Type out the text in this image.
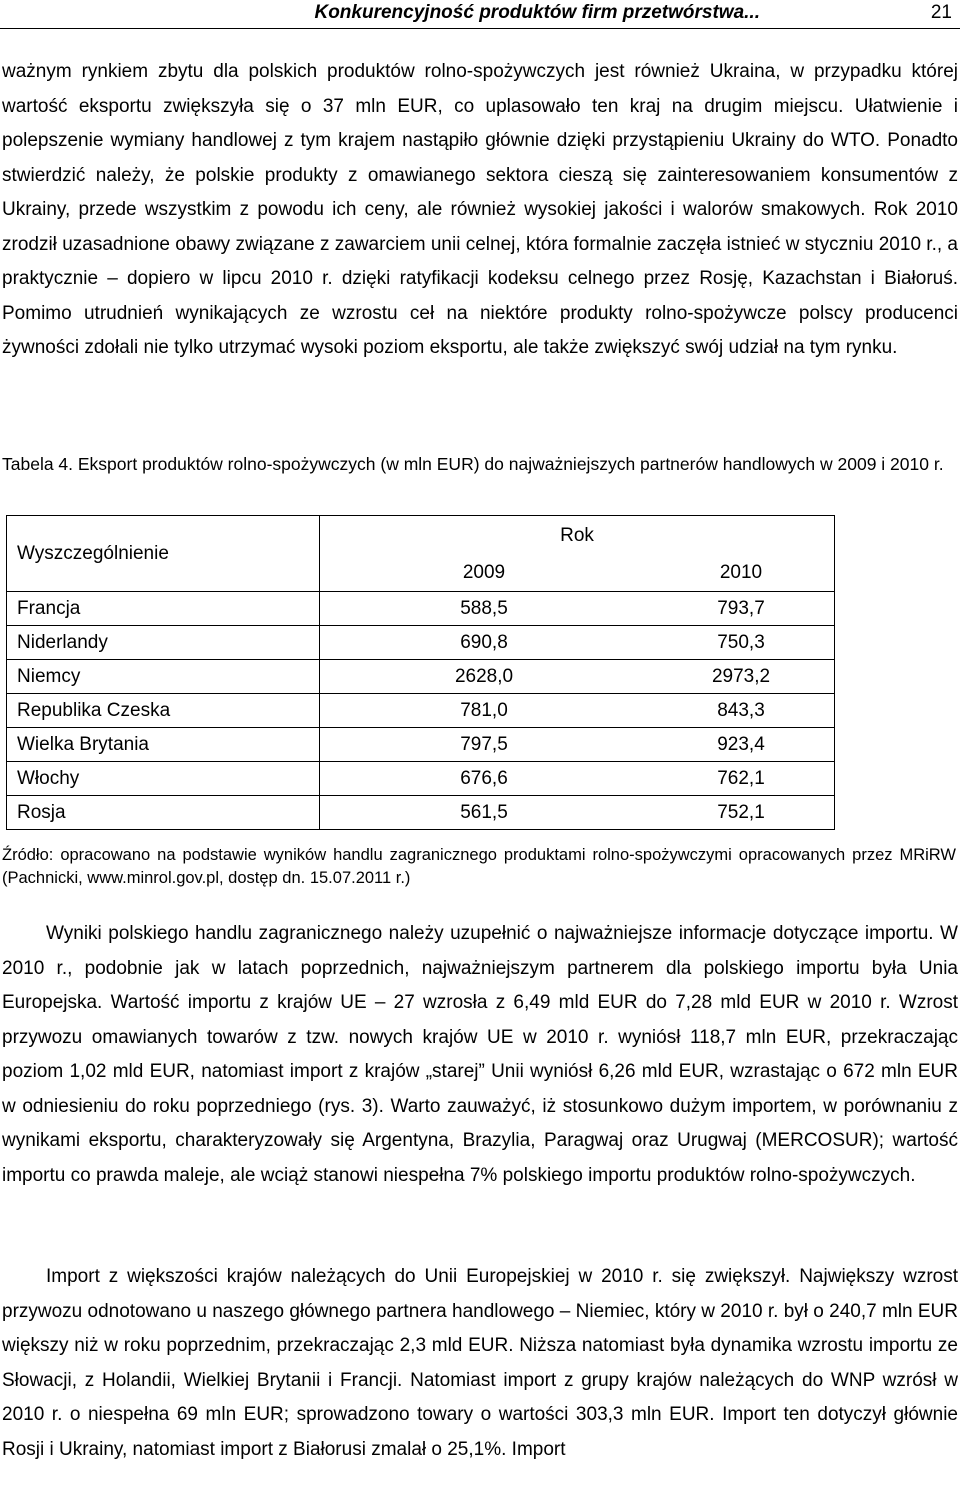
Konkurencyjność produktów firm przetwórstwa...	21

ważnym rynkiem zbytu dla polskich produktów rolno-spożywczych jest również Ukraina, w przypadku której wartość eksportu zwiększyła się o 37 mln EUR, co uplasowało ten kraj na drugim miejscu. Ułatwienie i polepszenie wymiany handlowej z tym krajem nastąpiło głównie dzięki przystąpieniu Ukrainy do WTO. Ponadto stwierdzić należy, że polskie produkty z omawianego sektora cieszą się zainteresowaniem konsumentów z Ukrainy, przede wszystkim z powodu ich ceny, ale również wysokiej jakości i walorów smakowych. Rok 2010 zrodził uzasadnione obawy związane z zawarciem unii celnej, która formalnie zaczęła istnieć w styczniu 2010 r., a praktycznie – dopiero w lipcu 2010 r. dzięki ratyfikacji kodeksu celnego przez Rosję, Kazachstan i Białoruś. Pomimo utrudnień wynikających ze wzrostu ceł na niektóre produkty rolno-spożywcze polscy producenci żywności zdołali nie tylko utrzymać wysoki poziom eksportu, ale także zwiększyć swój udział na tym rynku.

Tabela 4. Eksport produktów rolno-spożywczych (w mln EUR) do najważniejszych partnerów handlowych w 2009 i 2010 r.
Wyszczególnienie	Rok	
	2009	2010
Francja	588,5	793,7
Niderlandy	690,8	750,3
Niemcy	2628,0	2973,2
Republika Czeska	781,0	843,3
Wielka Brytania	797,5	923,4
Włochy	676,6	762,1
Rosja	561,5	752,1
Źródło: opracowano na podstawie wyników handlu zagranicznego produktami rolno-spożywczymi opracowanych przez MRiRW (Pachnicki, www.minrol.gov.pl, dostęp dn. 15.07.2011 r.)

Wyniki polskiego handlu zagranicznego należy uzupełnić o najważniejsze informacje dotyczące importu. W 2010 r., podobnie jak w latach poprzednich, najważniejszym partnerem dla polskiego importu była Unia Europejska. Wartość importu z krajów UE – 27 wzrosła z 6,49 mld EUR do 7,28 mld EUR w 2010 r. Wzrost przywozu omawianych towarów z tzw. nowych krajów UE w 2010 r. wyniósł 118,7 mln EUR, przekraczając poziom 1,02 mld EUR, natomiast import z krajów „starej” Unii wyniósł 6,26 mld EUR, wzrastając o 672 mln EUR w odniesieniu do roku poprzedniego (rys. 3). Warto zauważyć, iż stosunkowo dużym importem, w porównaniu z wynikami eksportu, charakteryzowały się Argentyna, Brazylia, Paragwaj oraz Urugwaj (MERCOSUR); wartość importu co prawda maleje, ale wciąż stanowi niespełna 7% polskiego importu produktów rolno-spożywczych.

Import z większości krajów należących do Unii Europejskiej w 2010 r. się zwiększył. Największy wzrost przywozu odnotowano u naszego głównego partnera handlowego – Niemiec, który w 2010 r. był o 240,7 mln EUR większy niż w roku poprzednim, przekraczając 2,3 mld EUR. Niższa natomiast była dynamika wzrostu importu ze Słowacji, z Holandii, Wielkiej Brytanii i Francji. Natomiast import z grupy krajów należących do WNP wzrósł w 2010 r. o niespełna 69 mln EUR; sprowadzono towary o wartości 303,3 mln EUR. Import ten dotyczył głównie Rosji i Ukrainy, natomiast import z Białorusi zmalał o 25,1%. Import
